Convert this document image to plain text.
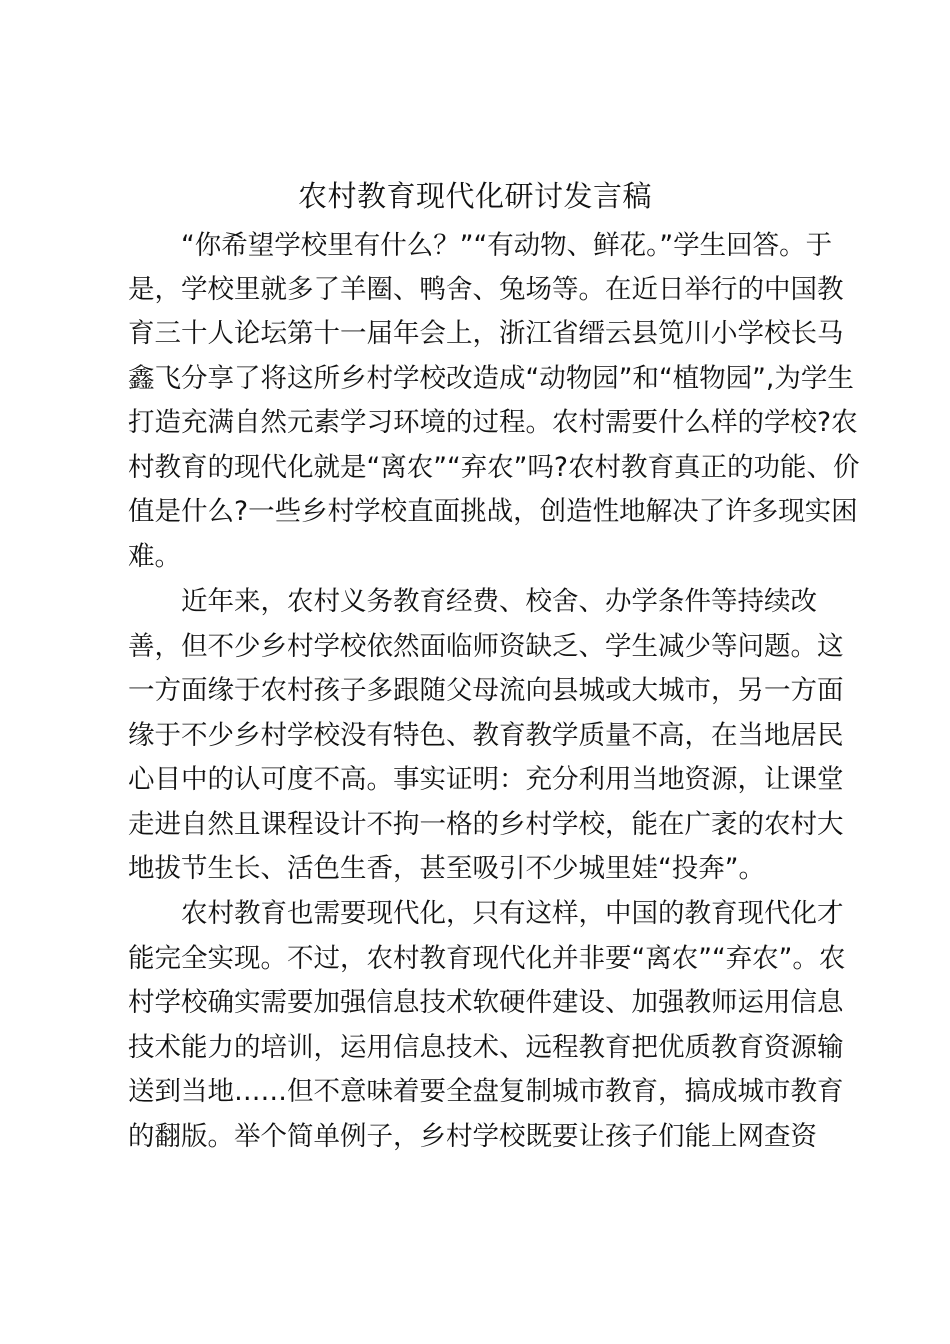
农村教育现代化研讨发言稿

“你希望学校里有什么？”“有动物、鲜花。”学生回答。于

是，学校里就多了羊圈、鸭舍、兔场等。在近日举行的中国教

育三十人论坛第十一届年会上，浙江省缙云县笕川小学校长马

鑫飞分享了将这所乡村学校改造成“动物园”和“植物园”,为学生

打造充满自然元素学习环境的过程。农村需要什么样的学校?农

村教育的现代化就是“离农”“弃农”吗?农村教育真正的功能、价

值是什么?一些乡村学校直面挑战，创造性地解决了许多现实困

难。

近年来，农村义务教育经费、校舍、办学条件等持续改

善，但不少乡村学校依然面临师资缺乏、学生减少等问题。这

一方面缘于农村孩子多跟随父母流向县城或大城市，另一方面

缘于不少乡村学校没有特色、教育教学质量不高，在当地居民

心目中的认可度不高。事实证明：充分利用当地资源，让课堂

走进自然且课程设计不拘一格的乡村学校，能在广袤的农村大

地拔节生长、活色生香，甚至吸引不少城里娃“投奔”。

农村教育也需要现代化，只有这样，中国的教育现代化才

能完全实现。不过，农村教育现代化并非要“离农”“弃农”。农

村学校确实需要加强信息技术软硬件建设、加强教师运用信息

技术能力的培训，运用信息技术、远程教育把优质教育资源输

送到当地……但不意味着要全盘复制城市教育，搞成城市教育

的翻版。举个简单例子，乡村学校既要让孩子们能上网查资
